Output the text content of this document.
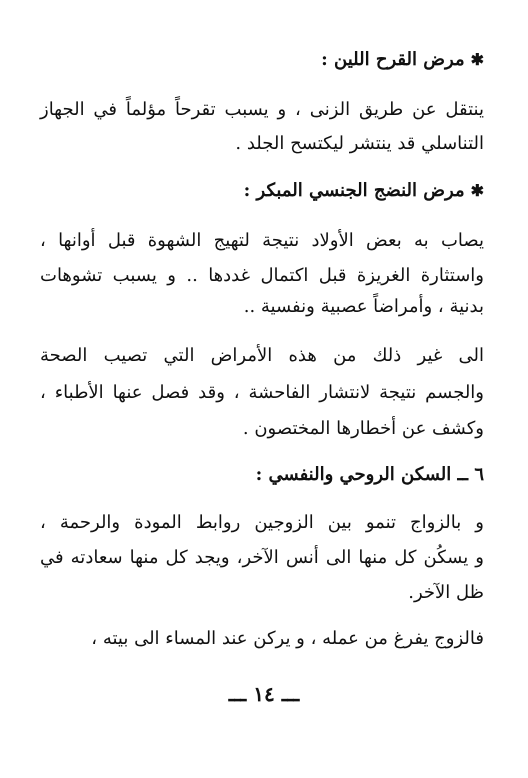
✱مرض القرح اللين :
ينتقل عن طريق الزنى ، و يسبب تقرحاً مؤلماً في الجهاز
التناسلي قد ينتشر ليكتسح الجلد .
✱مرض النضج الجنسي المبكر :
يصاب به بعض الأولاد نتيجة لتهيج الشهوة قبل أوانها ،
واستثارة الغريزة قبل اكتمال غددها .. و يسبب تشوهات
بدنية ، وأمراضاً عصبية ونفسية ..
الى غير ذلك من هذه الأمراض التي تصيب الصحة
والجسم نتيجة لانتشار الفاحشة ، وقد فصل عنها الأطباء ،
وكشف عن أخطارها المختصون .
٦ ــ السكن الروحي والنفسي :
و بالزواج تنمو بين الزوجين روابط المودة والرحمة ،
و يسكُن كل منها الى أنس الآخر، ويجد كل منها سعادته في
ظل الآخر.
فالزوج يفرغ من عمله ، و يركن عند المساء الى بيته ،
ـــ ١٤ ـــ
